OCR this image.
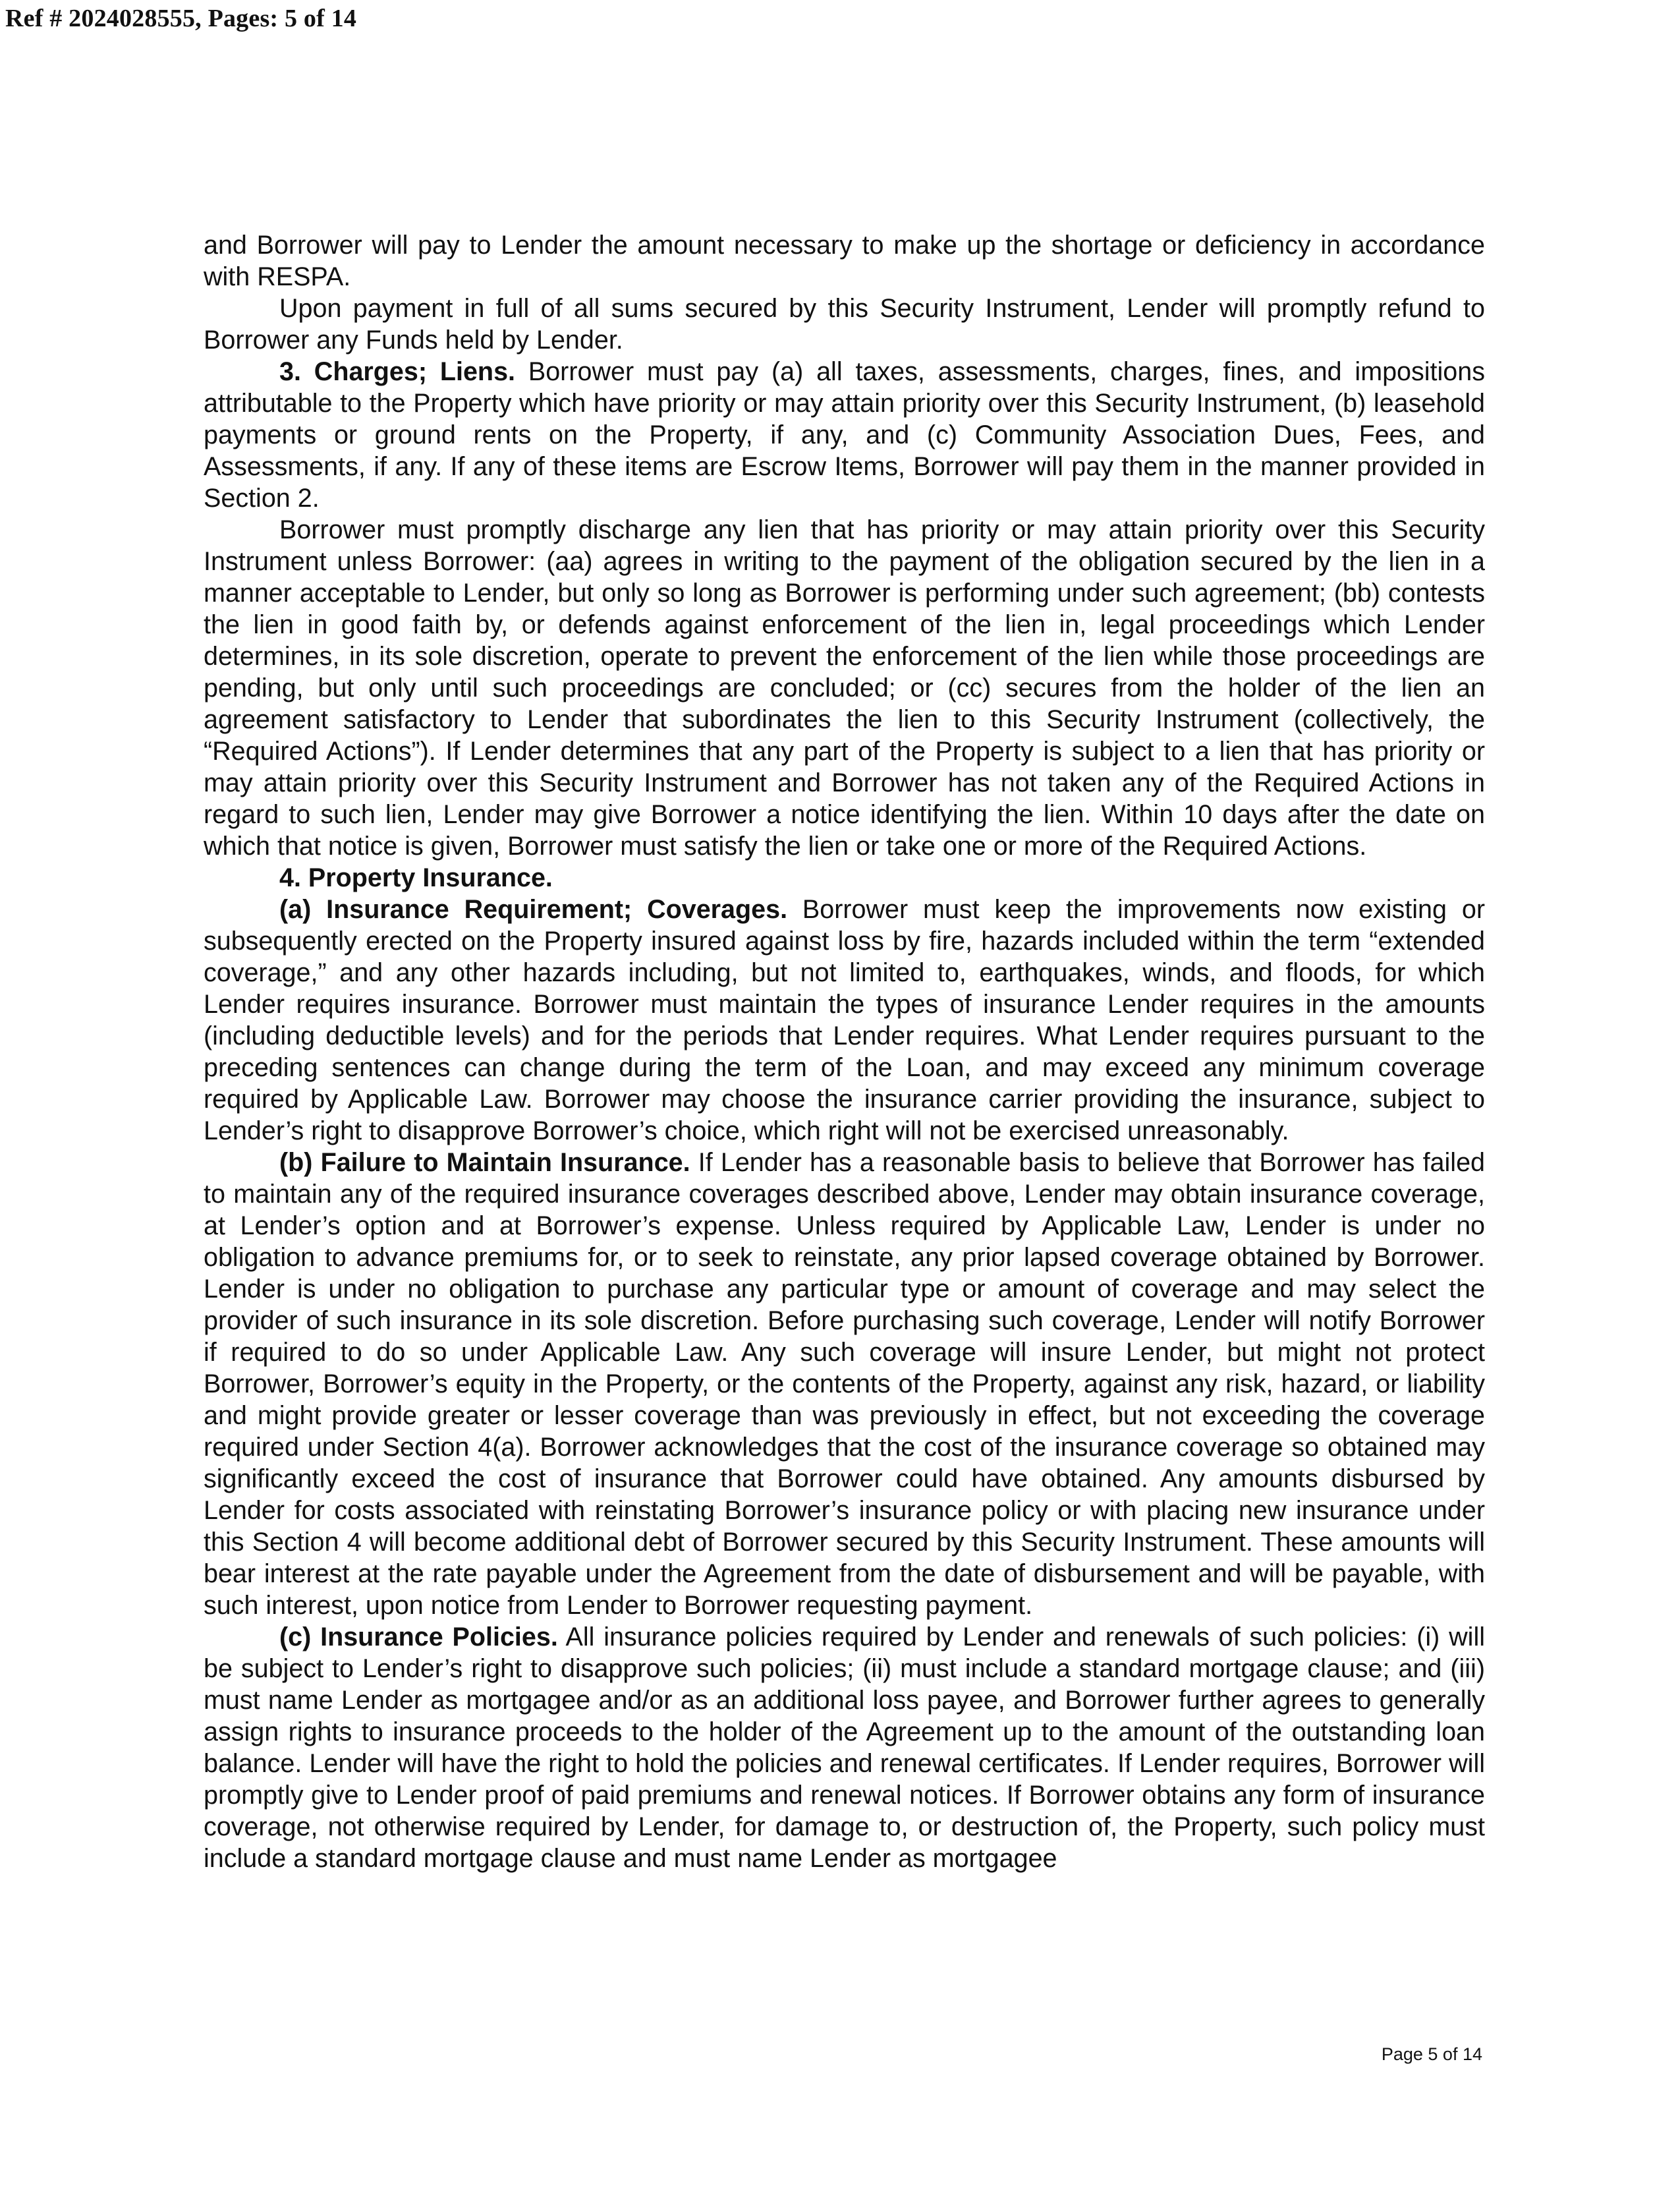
Ref # 2024028555, Pages: 5 of 14

and Borrower will pay to Lender the amount necessary to make up the shortage or deficiency in accordance with RESPA.

Upon payment in full of all sums secured by this Security Instrument, Lender will promptly refund to Borrower any Funds held by Lender.

3. Charges; Liens. Borrower must pay (a) all taxes, assessments, charges, fines, and impositions attributable to the Property which have priority or may attain priority over this Security Instrument, (b) leasehold payments or ground rents on the Property, if any, and (c) Community Association Dues, Fees, and Assessments, if any. If any of these items are Escrow Items, Borrower will pay them in the manner provided in Section 2.

Borrower must promptly discharge any lien that has priority or may attain priority over this Security Instrument unless Borrower: (aa) agrees in writing to the payment of the obligation secured by the lien in a manner acceptable to Lender, but only so long as Borrower is performing under such agreement; (bb) contests the lien in good faith by, or defends against enforcement of the lien in, legal proceedings which Lender determines, in its sole discretion, operate to prevent the enforcement of the lien while those proceedings are pending, but only until such proceedings are concluded; or (cc) secures from the holder of the lien an agreement satisfactory to Lender that subordinates the lien to this Security Instrument (collectively, the “Required Actions”). If Lender determines that any part of the Property is subject to a lien that has priority or may attain priority over this Security Instrument and Borrower has not taken any of the Required Actions in regard to such lien, Lender may give Borrower a notice identifying the lien. Within 10 days after the date on which that notice is given, Borrower must satisfy the lien or take one or more of the Required Actions.

4. Property Insurance.

(a) Insurance Requirement; Coverages. Borrower must keep the improvements now existing or subsequently erected on the Property insured against loss by fire, hazards included within the term “extended coverage,” and any other hazards including, but not limited to, earthquakes, winds, and floods, for which Lender requires insurance. Borrower must maintain the types of insurance Lender requires in the amounts (including deductible levels) and for the periods that Lender requires. What Lender requires pursuant to the preceding sentences can change during the term of the Loan, and may exceed any minimum coverage required by Applicable Law. Borrower may choose the insurance carrier providing the insurance, subject to Lender’s right to disapprove Borrower’s choice, which right will not be exercised unreasonably.

(b) Failure to Maintain Insurance. If Lender has a reasonable basis to believe that Borrower has failed to maintain any of the required insurance coverages described above, Lender may obtain insurance coverage, at Lender’s option and at Borrower’s expense. Unless required by Applicable Law, Lender is under no obligation to advance premiums for, or to seek to reinstate, any prior lapsed coverage obtained by Borrower. Lender is under no obligation to purchase any particular type or amount of coverage and may select the provider of such insurance in its sole discretion. Before purchasing such coverage, Lender will notify Borrower if required to do so under Applicable Law. Any such coverage will insure Lender, but might not protect Borrower, Borrower’s equity in the Property, or the contents of the Property, against any risk, hazard, or liability and might provide greater or lesser coverage than was previously in effect, but not exceeding the coverage required under Section 4(a). Borrower acknowledges that the cost of the insurance coverage so obtained may significantly exceed the cost of insurance that Borrower could have obtained. Any amounts disbursed by Lender for costs associated with reinstating Borrower’s insurance policy or with placing new insurance under this Section 4 will become additional debt of Borrower secured by this Security Instrument. These amounts will bear interest at the rate payable under the Agreement from the date of disbursement and will be payable, with such interest, upon notice from Lender to Borrower requesting payment.

(c) Insurance Policies. All insurance policies required by Lender and renewals of such policies: (i) will be subject to Lender’s right to disapprove such policies; (ii) must include a standard mortgage clause; and (iii) must name Lender as mortgagee and/or as an additional loss payee, and Borrower further agrees to generally assign rights to insurance proceeds to the holder of the Agreement up to the amount of the outstanding loan balance. Lender will have the right to hold the policies and renewal certificates. If Lender requires, Borrower will promptly give to Lender proof of paid premiums and renewal notices. If Borrower obtains any form of insurance coverage, not otherwise required by Lender, for damage to, or destruction of, the Property, such policy must include a standard mortgage clause and must name Lender as mortgagee

Page 5 of 14
